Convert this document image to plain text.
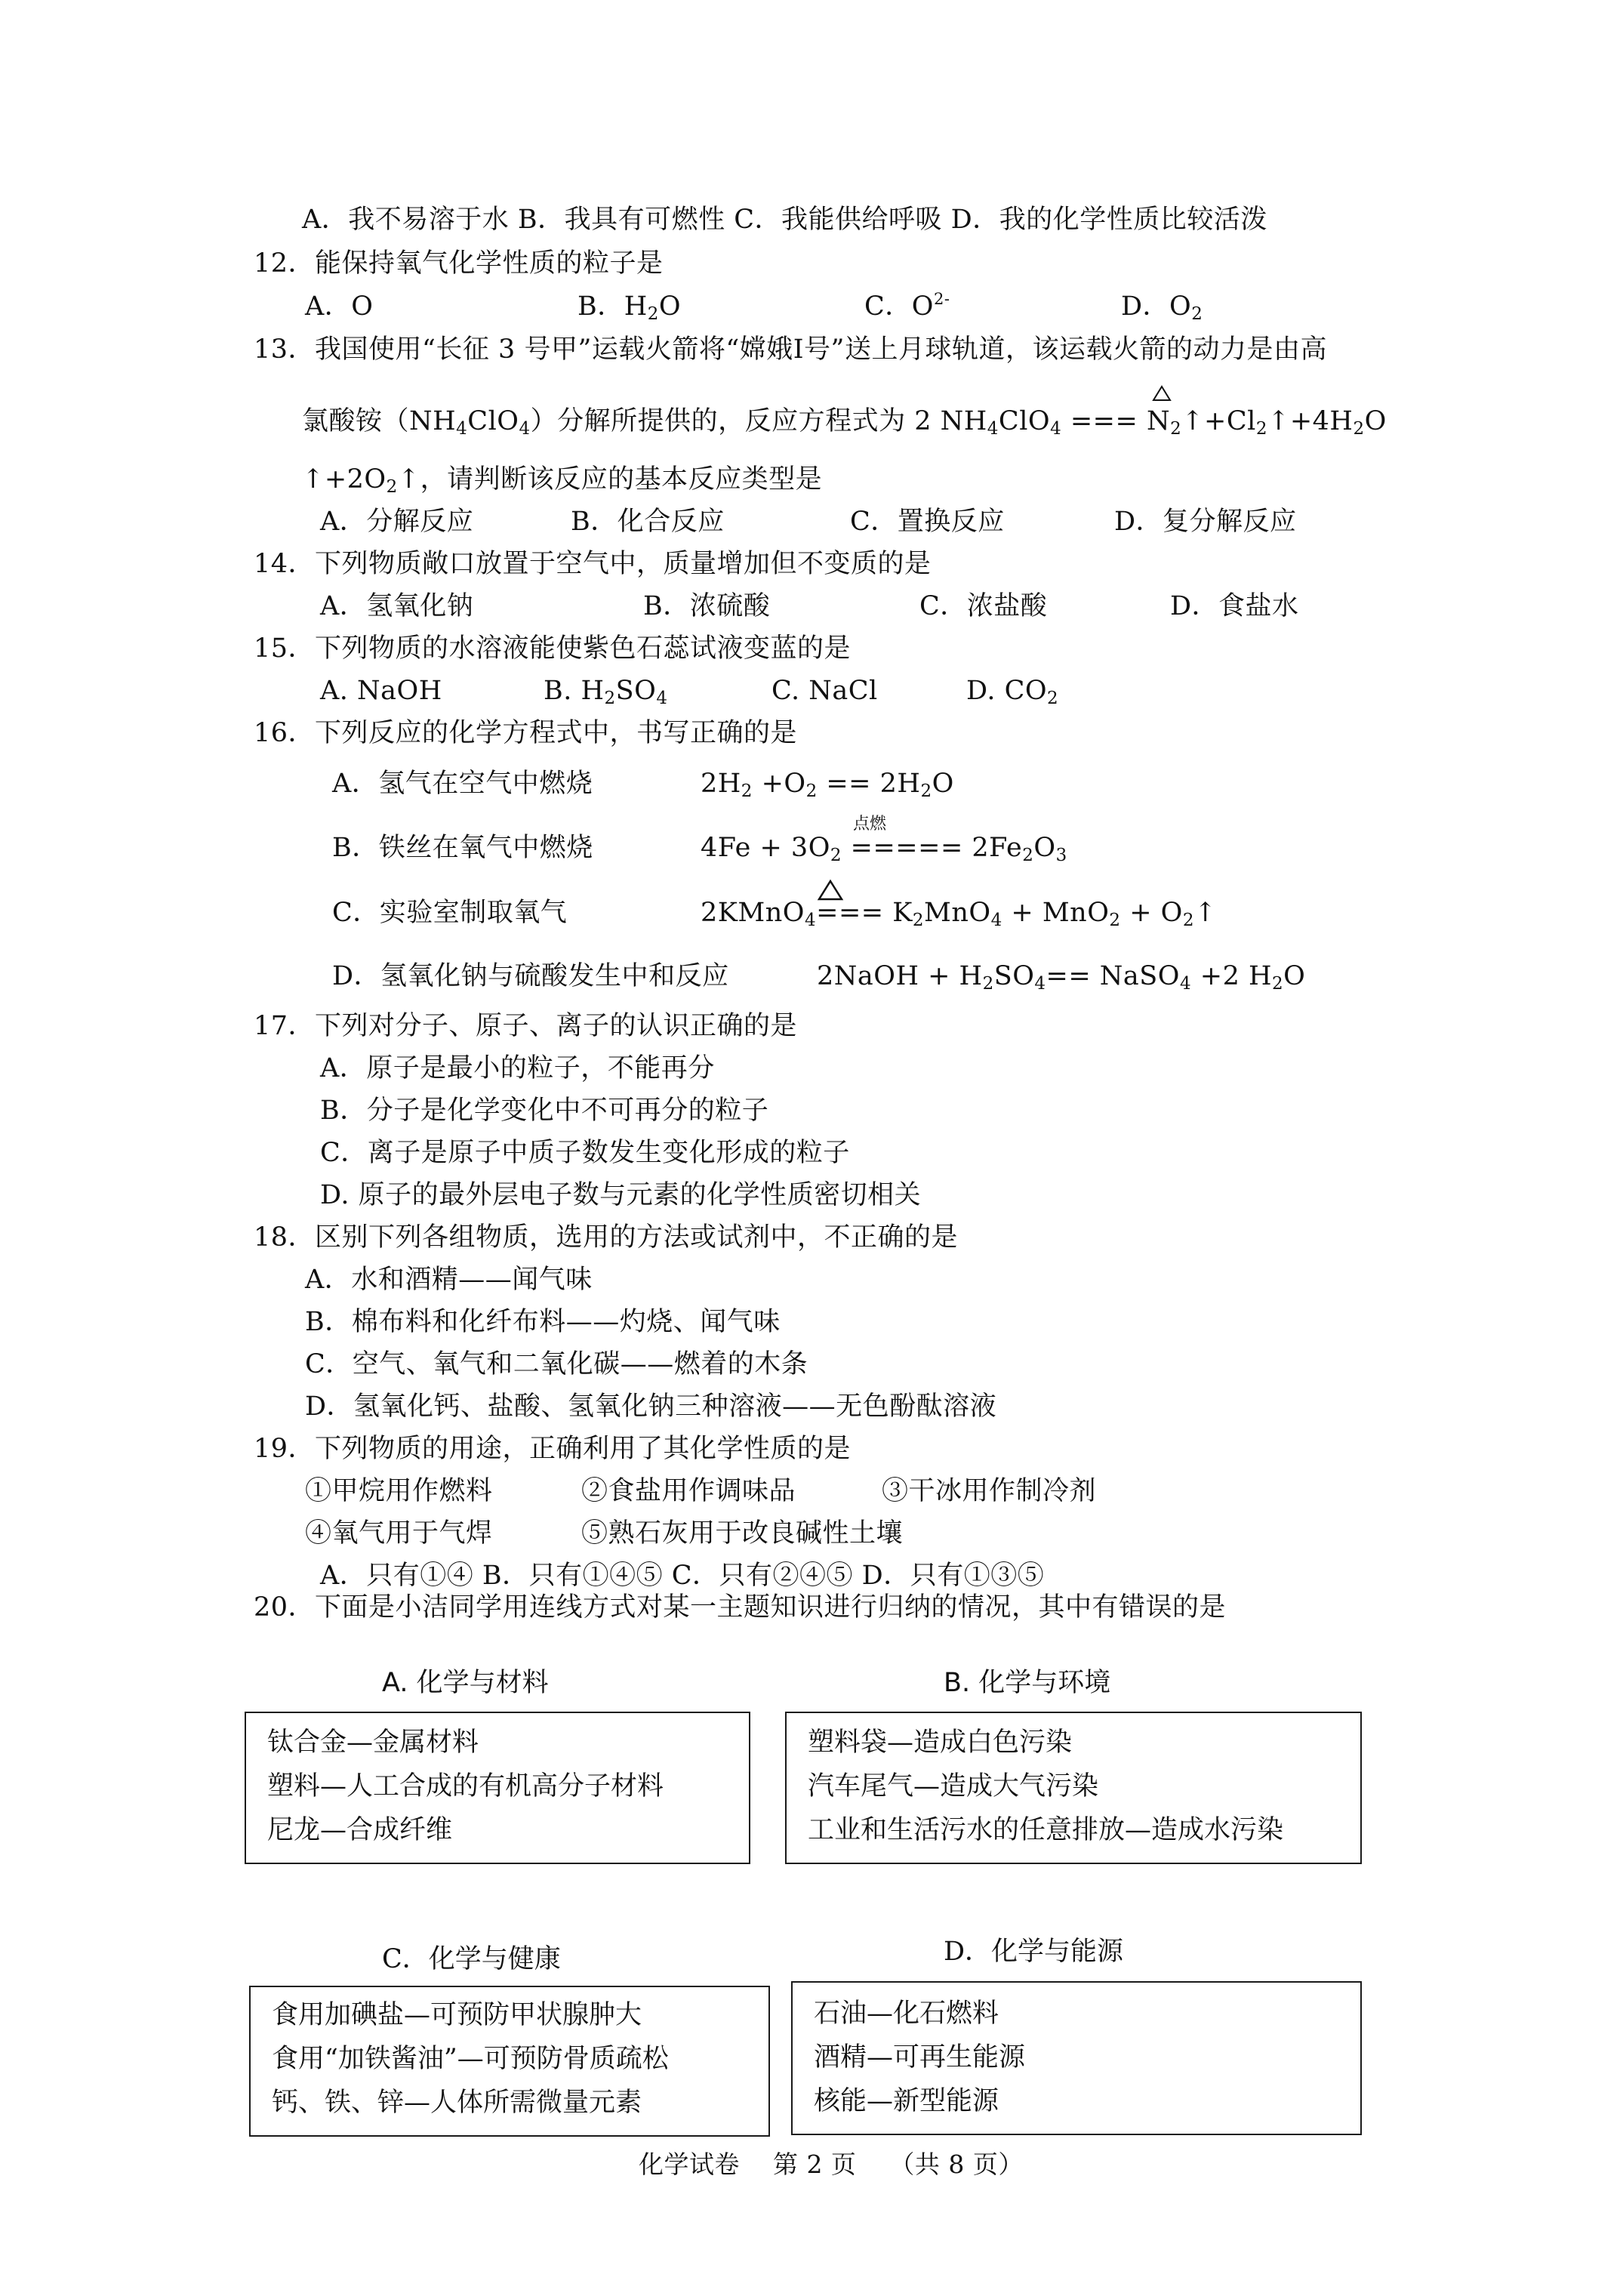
A．我不易溶于水 B．我具有可燃性 C．我能供给呼吸 D．我的化学性质比较活泼
12．能保持氧气化学性质的粒子是
A．O	B．$H_2O$	C．$O^{2-}$	D．$O_2$
13．我国使用“长征 3 号甲”运载火箭将“嫦娥Ⅰ号”送上月球轨道，该运载火箭的动力是由高
氯酸铵$(NH_4ClO_4)$分解所提供的，反应方程式为 2 $NH_4ClO_4$ === $N_2↑+Cl_2↑+4H_2O$
$↑+2O_2↑$，请判断该反应的基本反应类型是
A．分解反应	B．化合反应	C．置换反应	D．复分解反应
14．下列物质敞口放置于空气中，质量增加但不变质的是
A．氢氧化钠	B．浓硫酸	C．浓盐酸	D．食盐水
15．下列物质的水溶液能使紫色石蕊试液变蓝的是
A. NaOH	B. $H_2SO_4$	C. NaCl	D. $CO_2$
16．下列反应的化学方程式中，书写正确的是
A．氢气在空气中燃烧	$2H_2 +O_2 == 2H_2O$
点燃
B．铁丝在氧气中燃烧	$4Fe + 3O_2$ ===== $2Fe_2O_3$
C．实验室制取氧气	2KMnO$_4$=== $K_2MnO_4 + MnO_2$ + $O_2↑$
D．氢氧化钠与硫酸发生中和反应	2NaOH + $H_2SO_4==$ NaSO$_4$ +2 $H_2O$
17．下列对分子、原子、离子的认识正确的是
A．原子是最小的粒子，不能再分
B．分子是化学变化中不可再分的粒子
C．离子是原子中质子数发生变化形成的粒子
D. 原子的最外层电子数与元素的化学性质密切相关
18．区别下列各组物质，选用的方法或试剂中，不正确的是
A．水和酒精——闻气味
B．棉布料和化纤布料——灼烧、闻气味
C．空气、氧气和二氧化碳——燃着的木条
D．氢氧化钙、盐酸、氢氧化钠三种溶液——无色酚酞溶液
19．下列物质的用途，正确利用了其化学性质的是
①甲烷用作燃料	②食盐用作调味品	③干冰用作制冷剂
④氧气用于气焊	⑤熟石灰用于改良碱性土壤
A．只有①④ B．只有①④⑤ C．只有②④⑤ D．只有①③⑤
20．下面是小洁同学用连线方式对某一主题知识进行归纳的情况，其中有错误的是
A. 化学与材料
钛合金—金属材料
塑料—人工合成的有机高分子材料
尼龙—合成纤维
B. 化学与环境
塑料袋—造成白色污染
汽车尾气—造成大气污染
工业和生活污水的任意排放—造成水污染
C．化学与健康
食用加碘盐—可预防甲状腺肿大
食用“加铁酱油”—可预防骨质疏松
钙、铁、锌—人体所需微量元素
D．化学与能源
石油—化石燃料
酒精—可再生能源
核能—新型能源
化学试卷    第 2 页    （共 8 页）
